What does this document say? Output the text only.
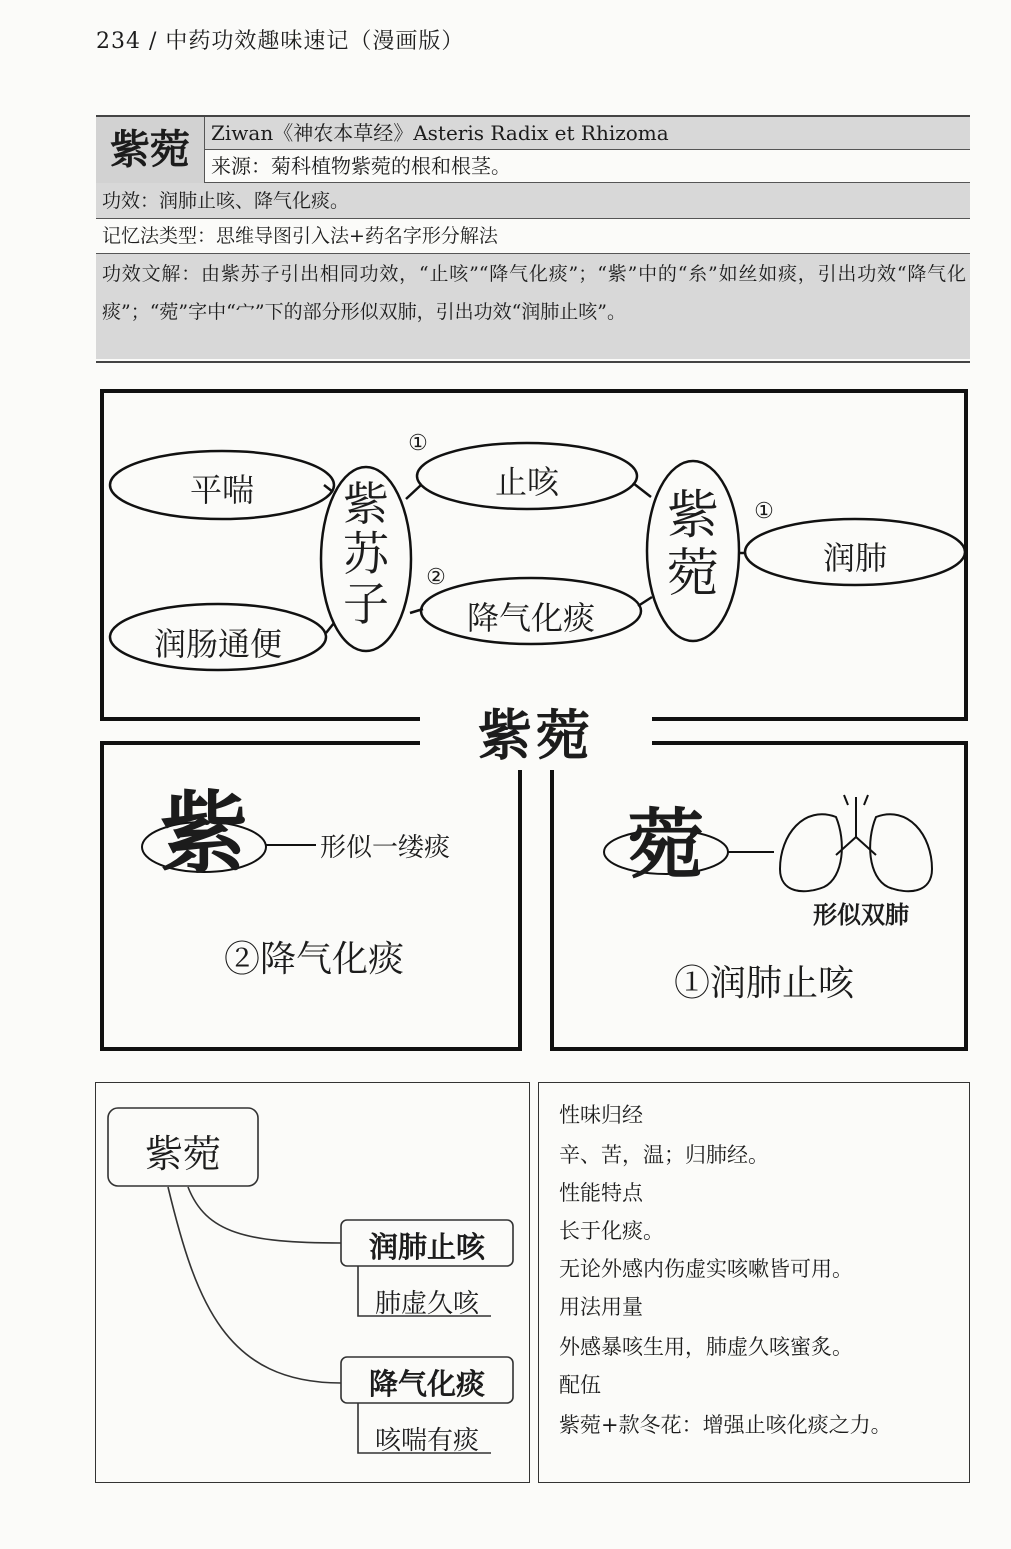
234 / 中药功效趣味速记（漫画版）
紫菀	Ziwan《神农本草经》Asteris Radix et Rhizoma
来源：菊科植物紫菀的根和根茎。
功效：润肺止咳、降气化痰。
记忆法类型：思维导图引入法+药名字形分解法
功效文解：由紫苏子引出相同功效，“止咳”“降气化痰”；“紫”中的“糸”如丝如痰，引出功效“降气化痰”；“菀”字中“宀”下的部分形似双肺，引出功效“润肺止咳”。
平喘
润肠通便
紫苏子
止咳
降气化痰
紫菀	润肺
①
②
①
紫	形似一缕痰
②降气化痰
菀
形似双肺
①润肺止咳
紫菀
紫菀
润肺止咳
肺虚久咳
降气化痰
咳喘有痰
性味归经
辛、苦，温；归肺经。
性能特点
长于化痰。
无论外感内伤虚实咳嗽皆可用。
用法用量
外感暴咳生用，肺虚久咳蜜炙。
配伍
紫菀+款冬花：增强止咳化痰之力。
